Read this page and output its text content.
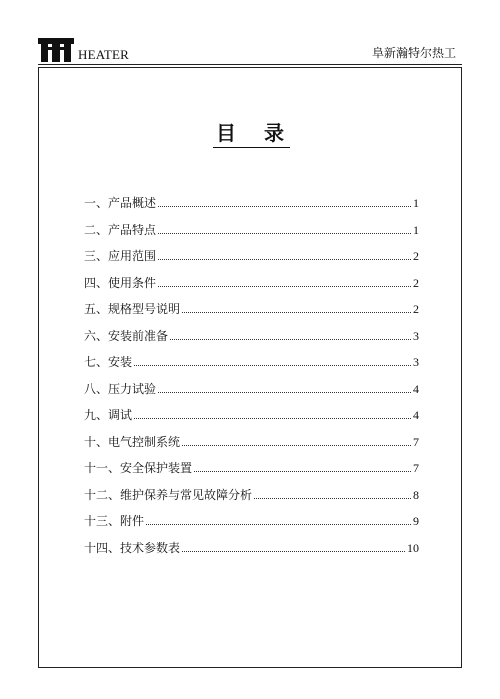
HEATER	阜新瀚特尔热工
目录
一、产品概述	1
二、产品特点	1
三、应用范围	2
四、使用条件	2
五、规格型号说明	2
六、安装前准备	3
七、安装	3
八、压力试验	4
九、调试	4
十、电气控制系统	7
十一、安全保护装置	7
十二、维护保养与常见故障分析	8
十三、附件	9
十四、技术参数表	10
